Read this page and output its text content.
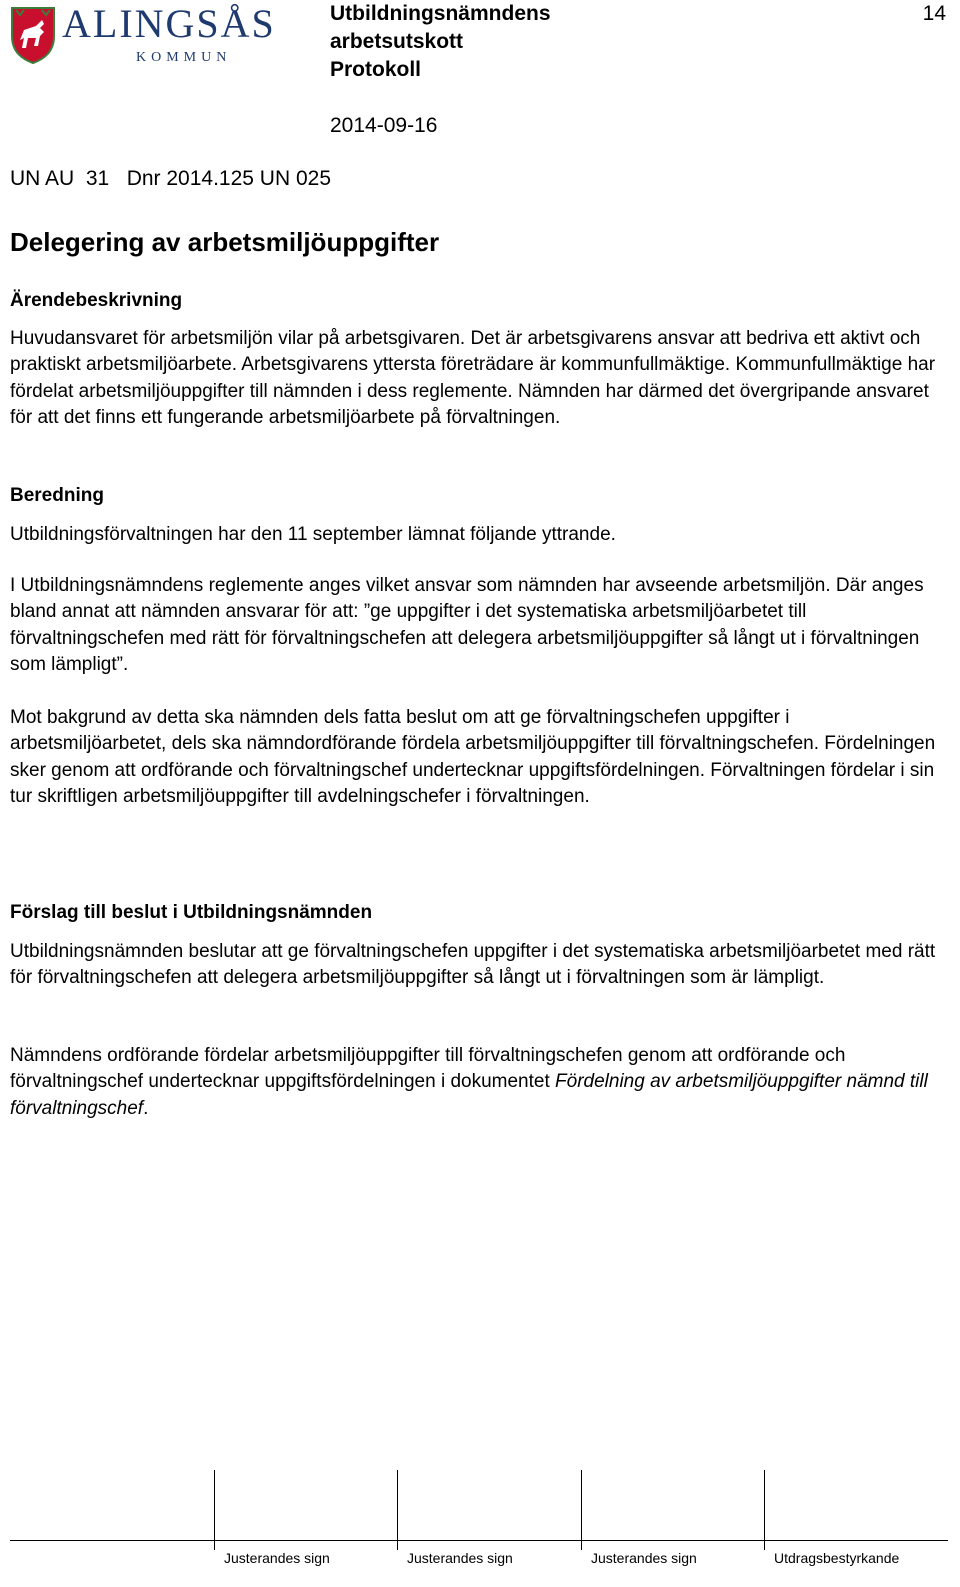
ALINGSÅS
KOMMUN
Utbildningsnämndens
arbetsutskott
Protokoll
14
2014-09-16
UN AU  31   Dnr 2014.125 UN 025
Delegering av arbetsmiljöuppgifter
Ärendebeskrivning

Huvudansvaret för arbetsmiljön vilar på arbetsgivaren. Det är arbetsgivarens ansvar att bedriva ett aktivt och praktiskt arbetsmiljöarbete. Arbetsgivarens yttersta företrädare är kommunfullmäktige. Kommunfullmäktige har fördelat arbetsmiljöuppgifter till nämnden i dess reglemente. Nämnden har därmed det övergripande ansvaret för att det finns ett fungerande arbetsmiljöarbete på förvaltningen.

Beredning

Utbildningsförvaltningen har den 11 september lämnat följande yttrande.

I Utbildningsnämndens reglemente anges vilket ansvar som nämnden har avseende arbetsmiljön. Där anges bland annat att nämnden ansvarar för att: ”ge uppgifter i det systematiska arbetsmiljöarbetet till förvaltningschefen med rätt för förvaltningschefen att delegera arbetsmiljöuppgifter så långt ut i förvaltningen som lämpligt”.

Mot bakgrund av detta ska nämnden dels fatta beslut om att ge förvaltningschefen uppgifter i arbetsmiljöarbetet, dels ska nämndordförande fördela arbetsmiljöuppgifter till förvaltningschefen. Fördelningen sker genom att ordförande och förvaltningschef undertecknar uppgiftsfördelningen. Förvaltningen fördelar i sin tur skriftligen arbetsmiljöuppgifter till avdelningschefer i förvaltningen.

Förslag till beslut i Utbildningsnämnden

Utbildningsnämnden beslutar att ge förvaltningschefen uppgifter i det systematiska arbetsmiljöarbetet med rätt för förvaltningschefen att delegera arbetsmiljöuppgifter så långt ut i förvaltningen som är lämpligt.

Nämndens ordförande fördelar arbetsmiljöuppgifter till förvaltningschefen genom att ordförande och förvaltningschef undertecknar uppgiftsfördelningen i dokumentet Fördelning av arbetsmiljöuppgifter nämnd till förvaltningschef.

Justerandes sign	Justerandes sign	Justerandes sign	Utdragsbestyrkande
